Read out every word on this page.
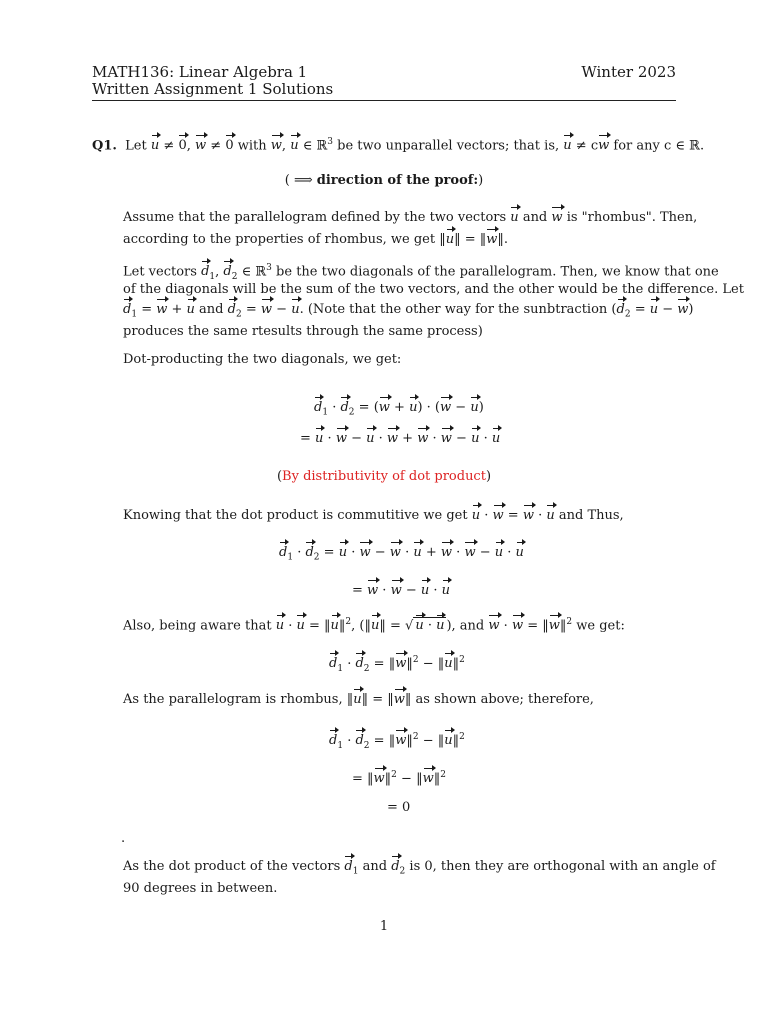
MATH136: Linear Algebra 1	Winter 2023
Written Assignment 1 Solutions
Q1. Let u ≠ 0, w ≠ 0 with w, u ∈ ℝ$^3$ be two unparallel vectors; that is, u ≠ cw for any c ∈ ℝ.
( ⟹ direction of the proof:)
Assume that the parallelogram defined by the two vectors u and w is "rhombus". Then,
according to the properties of rhombus, we get ‖u‖ = ‖w‖.
Let vectors $d_1$, $d_2$ ∈ ℝ$^3$ be the two diagonals of the parallelogram. Then, we know that one
of the diagonals will be the sum of the two vectors, and the other would be the difference. Let
$d_1 = w + u$ and $d_2 = w - u$. (Note that the other way for the sunbtraction $(d_2 = u - w)$
produces the same rtesults through the same process)
Dot-producting the two diagonals, we get:
$d_1 \cdot d_2 = (w + u) \cdot (w - u)$
= u · w − u · w + w · w − u · u
(By distributivity of dot product)
Knowing that the dot product is commutitive we get u · w = w · u and Thus,
$d_1 \cdot d_2 = u \cdot w - w \cdot u + w \cdot w - u \cdot u$
= w · w − u · u
Also, being aware that u · u = ‖u‖$^2$, (‖u‖ = √ u · u ), and w · w = ‖w‖$^2$ we get:
$d_1 \cdot d_2$ = ‖w‖$^2$ − ‖u‖$^2$
As the parallelogram is rhombus, ‖u‖ = ‖w‖ as shown above; therefore,
$d_1 \cdot d_2$ = ‖w‖$^2$ − ‖u‖$^2$
= ‖w‖$^2$ − ‖w‖$^2$
= 0
.
As the dot product of the vectors $d_1$ and $d_2$ is 0, then they are orthogonal with an angle of
90 degrees in between.
1
